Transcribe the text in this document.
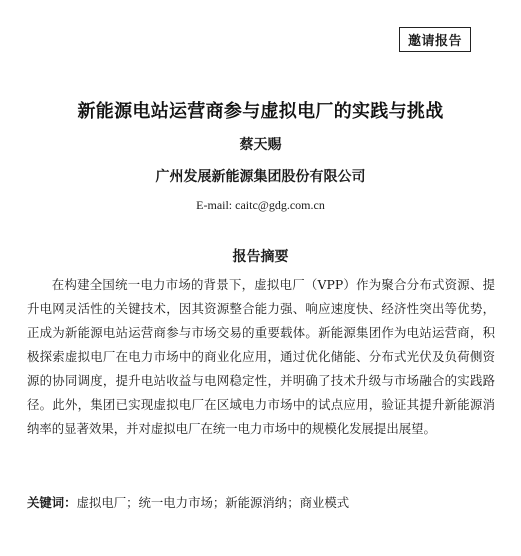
邀请报告
新能源电站运营商参与虚拟电厂的实践与挑战
蔡天赐
广州发展新能源集团股份有限公司
E-mail: caitc@gdg.com.cn
报告摘要

在构建全国统一电力市场的背景下，虚拟电厂（VPP）作为聚合分布式资源、提升电网灵活性的关键技术，因其资源整合能力强、响应速度快、经济性突出等优势，正成为新能源电站运营商参与市场交易的重要载体。新能源集团作为电站运营商，积极探索虚拟电厂在电力市场中的商业化应用，通过优化储能、分布式光伏及负荷侧资源的协同调度，提升电站收益与电网稳定性，并明确了技术升级与市场融合的实践路径。此外，集团已实现虚拟电厂在区域电力市场中的试点应用，验证其提升新能源消纳率的显著效果，并对虚拟电厂在统一电力市场中的规模化发展提出展望。

关键词：虚拟电厂；统一电力市场；新能源消纳；商业模式
